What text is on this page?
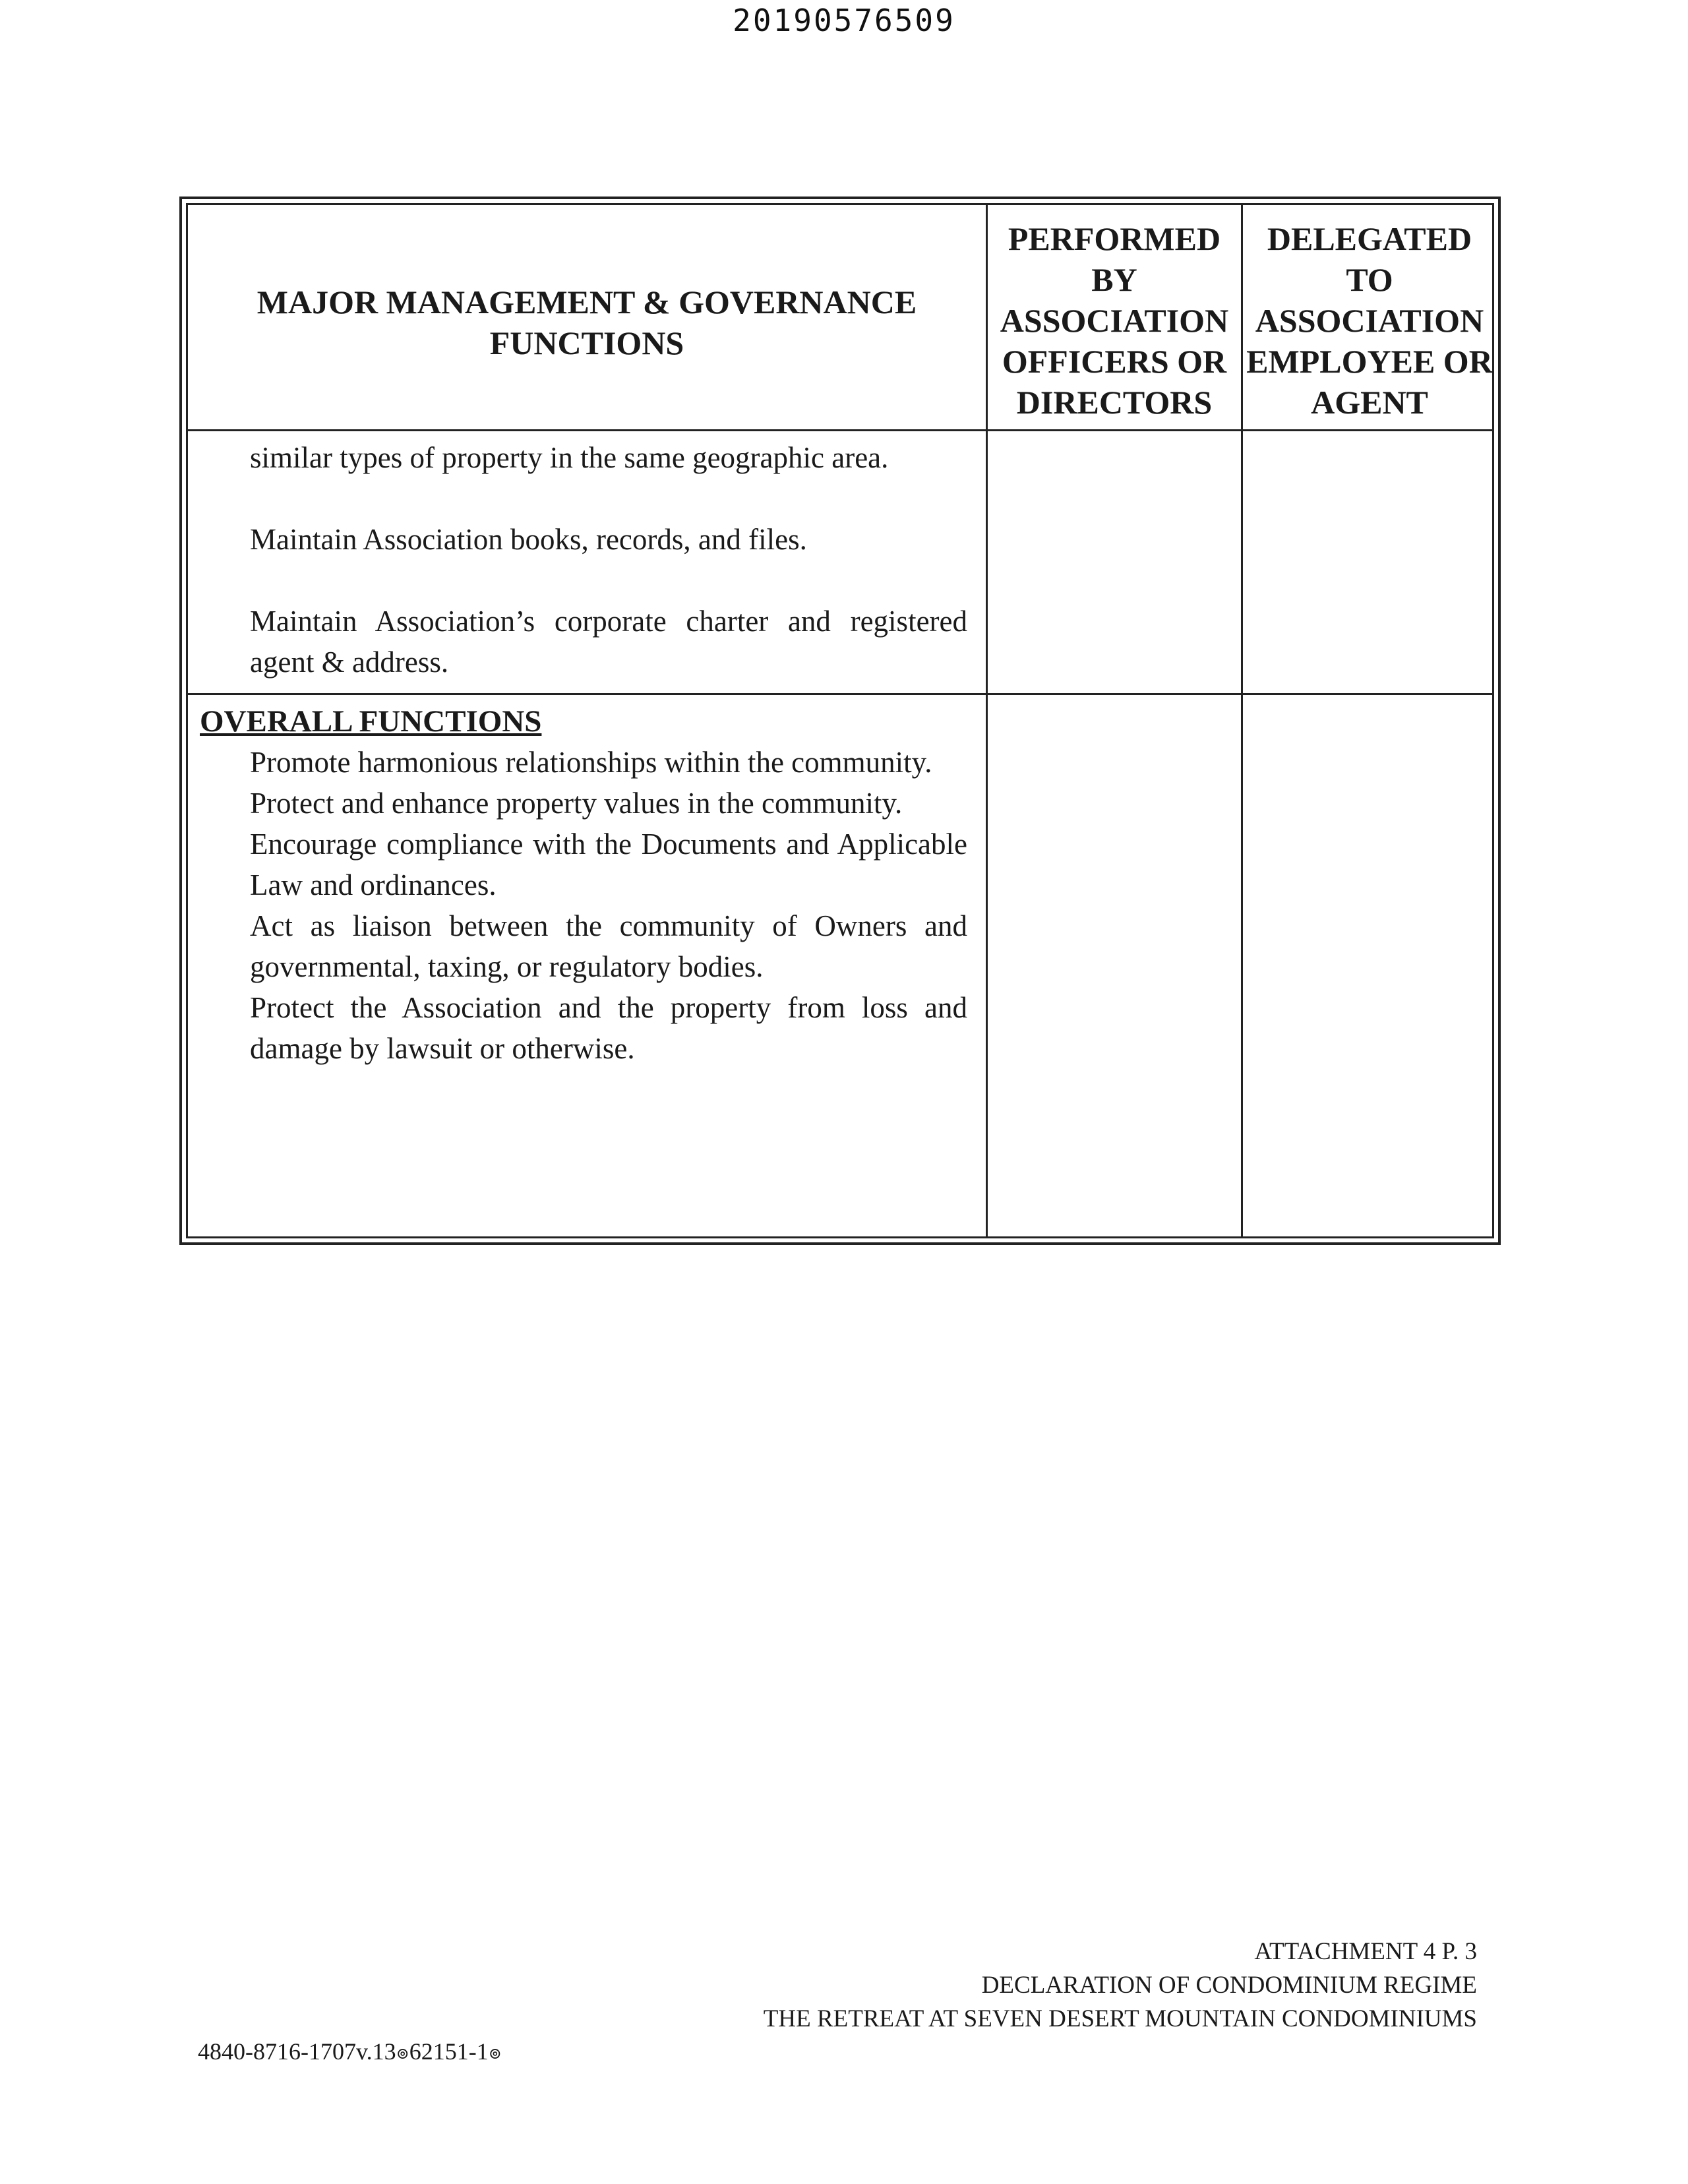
20190576509
MAJOR MANAGEMENT & GOVERNANCE FUNCTIONS
PERFORMED BY ASSOCIATION OFFICERS OR DIRECTORS
DELEGATED TO ASSOCIATION EMPLOYEE OR AGENT

similar types of property in the same geographic area.

Maintain Association books, records, and files.

Maintain Association’s corporate charter and registered agent & address.

OVERALL FUNCTIONS

Promote harmonious relationships within the community.

Protect and enhance property values in the community.

Encourage compliance with the Documents and Applicable Law and ordinances.

Act as liaison between the community of Owners and governmental, taxing, or regulatory bodies.

Protect the Association and the property from loss and damage by lawsuit or otherwise.

ATTACHMENT 4 P. 3
DECLARATION OF CONDOMINIUM REGIME
THE RETREAT AT SEVEN DESERT MOUNTAIN CONDOMINIUMS
4840-8716-1707v.13⊚62151-1⊚
